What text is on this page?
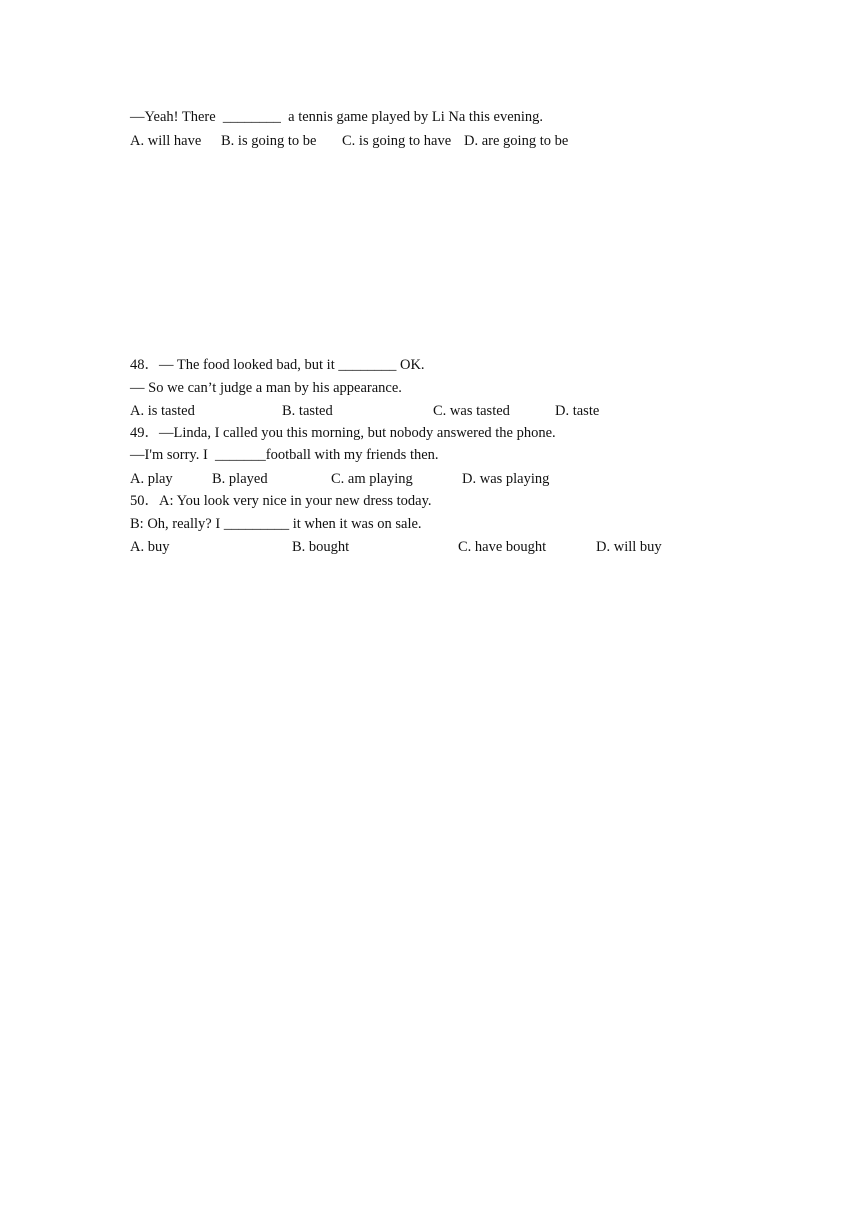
—Yeah! There  ________  a tennis game played by Li Na this evening.
A. will have B. is going to be C. is going to have D. are going to be
48．— The food looked bad, but it ________ OK.
— So we can’t judge a man by his appearance.
A. is tasted	B. tasted	C. was tasted	D. taste
49．—Linda, I called you this morning, but nobody answered the phone.
—I'm sorry. I  _______football with my friends then.
A. play	B. played	C. am playing	D. was playing
50．A: You look very nice in your new dress today.
B: Oh, really? I _________ it when it was on sale.
A. buy	B. bought	C. have bought	D. will buy
